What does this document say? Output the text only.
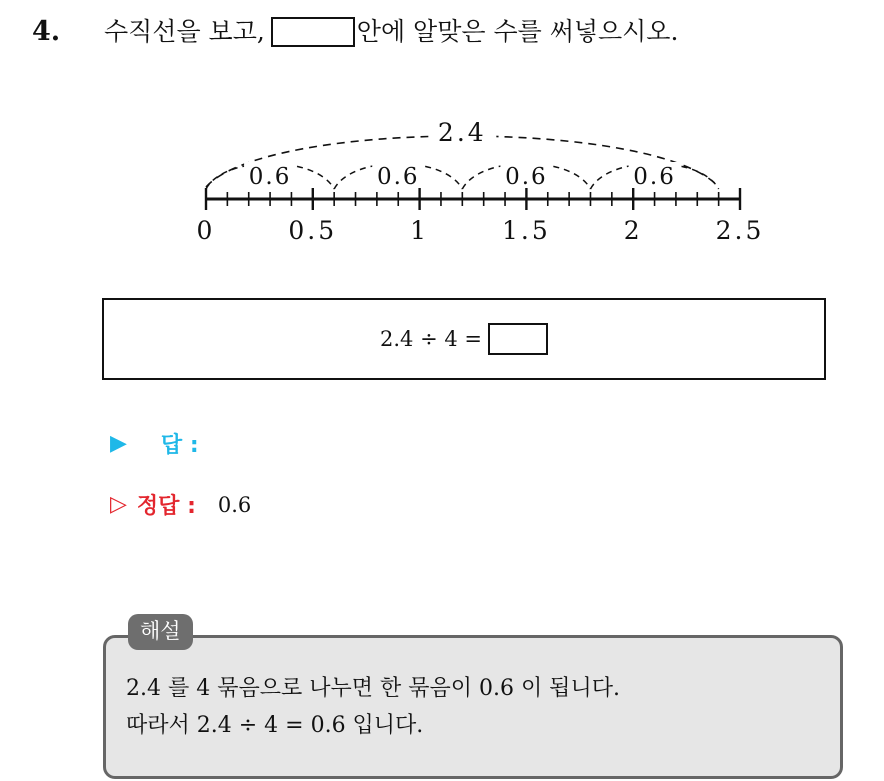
4. 수직선을 보고,	안에 알맞은 수를 써넣으시오.
0	0.5	1	1.5	2	2.5
2.4
0.6	0.6	0.6	0.6
2.4 ÷ 4 =
▶ 답 :
▷ 정답 : 0.6
해설
2.4 를 4 묶음으로 나누면 한 묶음이 0.6 이 됩니다.
따라서 2.4 ÷ 4 = 0.6 입니다.
